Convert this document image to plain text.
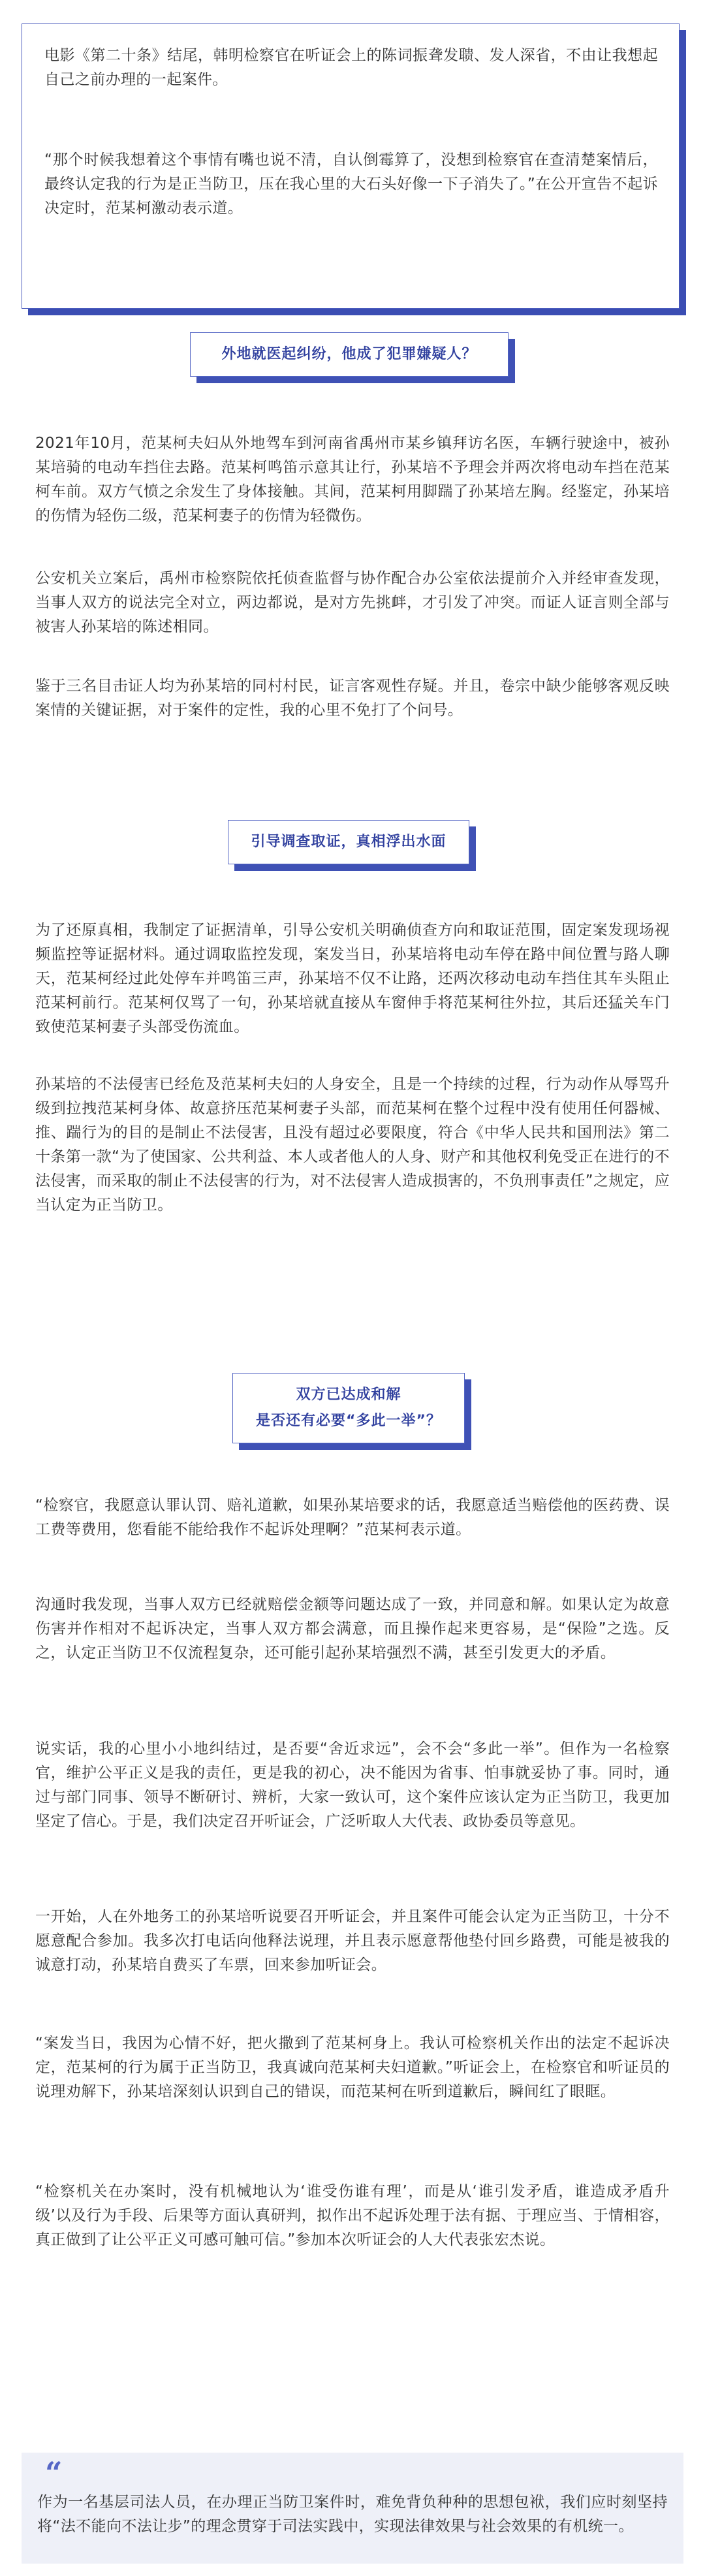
电影《第二十条》结尾，韩明检察官在听证会上的陈词振聋发聩、发人深省，不由让我想起自己之前办理的一起案件。

“那个时候我想着这个事情有嘴也说不清，自认倒霉算了，没想到检察官在查清楚案情后，最终认定我的行为是正当防卫，压在我心里的大石头好像一下子消失了。”在公开宣告不起诉决定时，范某柯激动表示道。

外地就医起纠纷，他成了犯罪嫌疑人？

2021年10月，范某柯夫妇从外地驾车到河南省禹州市某乡镇拜访名医，车辆行驶途中，被孙某培骑的电动车挡住去路。范某柯鸣笛示意其让行，孙某培不予理会并两次将电动车挡在范某柯车前。双方气愤之余发生了身体接触。其间，范某柯用脚踹了孙某培左胸。经鉴定，孙某培的伤情为轻伤二级，范某柯妻子的伤情为轻微伤。

公安机关立案后，禹州市检察院依托侦查监督与协作配合办公室依法提前介入并经审查发现，当事人双方的说法完全对立，两边都说，是对方先挑衅，才引发了冲突。而证人证言则全部与被害人孙某培的陈述相同。

鉴于三名目击证人均为孙某培的同村村民，证言客观性存疑。并且，卷宗中缺少能够客观反映案情的关键证据，对于案件的定性，我的心里不免打了个问号。

引导调查取证，真相浮出水面

为了还原真相，我制定了证据清单，引导公安机关明确侦查方向和取证范围，固定案发现场视频监控等证据材料。通过调取监控发现，案发当日，孙某培将电动车停在路中间位置与路人聊天，范某柯经过此处停车并鸣笛三声，孙某培不仅不让路，还两次移动电动车挡住其车头阻止范某柯前行。范某柯仅骂了一句，孙某培就直接从车窗伸手将范某柯往外拉，其后还猛关车门致使范某柯妻子头部受伤流血。

孙某培的不法侵害已经危及范某柯夫妇的人身安全，且是一个持续的过程，行为动作从辱骂升级到拉拽范某柯身体、故意挤压范某柯妻子头部，而范某柯在整个过程中没有使用任何器械、推、踹行为的目的是制止不法侵害，且没有超过必要限度，符合《中华人民共和国刑法》第二十条第一款“为了使国家、公共利益、本人或者他人的人身、财产和其他权利免受正在进行的不法侵害，而采取的制止不法侵害的行为，对不法侵害人造成损害的，不负刑事责任”之规定，应当认定为正当防卫。

双方已达成和解
是否还有必要“多此一举”？

“检察官，我愿意认罪认罚、赔礼道歉，如果孙某培要求的话，我愿意适当赔偿他的医药费、误工费等费用，您看能不能给我作不起诉处理啊？”范某柯表示道。

沟通时我发现，当事人双方已经就赔偿金额等问题达成了一致，并同意和解。如果认定为故意伤害并作相对不起诉决定，当事人双方都会满意，而且操作起来更容易，是“保险”之选。反之，认定正当防卫不仅流程复杂，还可能引起孙某培强烈不满，甚至引发更大的矛盾。

说实话，我的心里小小地纠结过，是否要“舍近求远”，会不会“多此一举”。但作为一名检察官，维护公平正义是我的责任，更是我的初心，决不能因为省事、怕事就妥协了事。同时，通过与部门同事、领导不断研讨、辨析，大家一致认可，这个案件应该认定为正当防卫，我更加坚定了信心。于是，我们决定召开听证会，广泛听取人大代表、政协委员等意见。

一开始，人在外地务工的孙某培听说要召开听证会，并且案件可能会认定为正当防卫，十分不愿意配合参加。我多次打电话向他释法说理，并且表示愿意帮他垫付回乡路费，可能是被我的诚意打动，孙某培自费买了车票，回来参加听证会。

“案发当日，我因为心情不好，把火撒到了范某柯身上。我认可检察机关作出的法定不起诉决定，范某柯的行为属于正当防卫，我真诚向范某柯夫妇道歉。”听证会上，在检察官和听证员的说理劝解下，孙某培深刻认识到自己的错误，而范某柯在听到道歉后，瞬间红了眼眶。

“检察机关在办案时，没有机械地认为‘谁受伤谁有理’，而是从‘谁引发矛盾，谁造成矛盾升级’以及行为手段、后果等方面认真研判，拟作出不起诉处理于法有据、于理应当、于情相容，真正做到了让公平正义可感可触可信。”参加本次听证会的人大代表张宏杰说。

“

作为一名基层司法人员，在办理正当防卫案件时，难免背负种种的思想包袱，我们应时刻坚持将“法不能向不法让步”的理念贯穿于司法实践中，实现法律效果与社会效果的有机统一。
